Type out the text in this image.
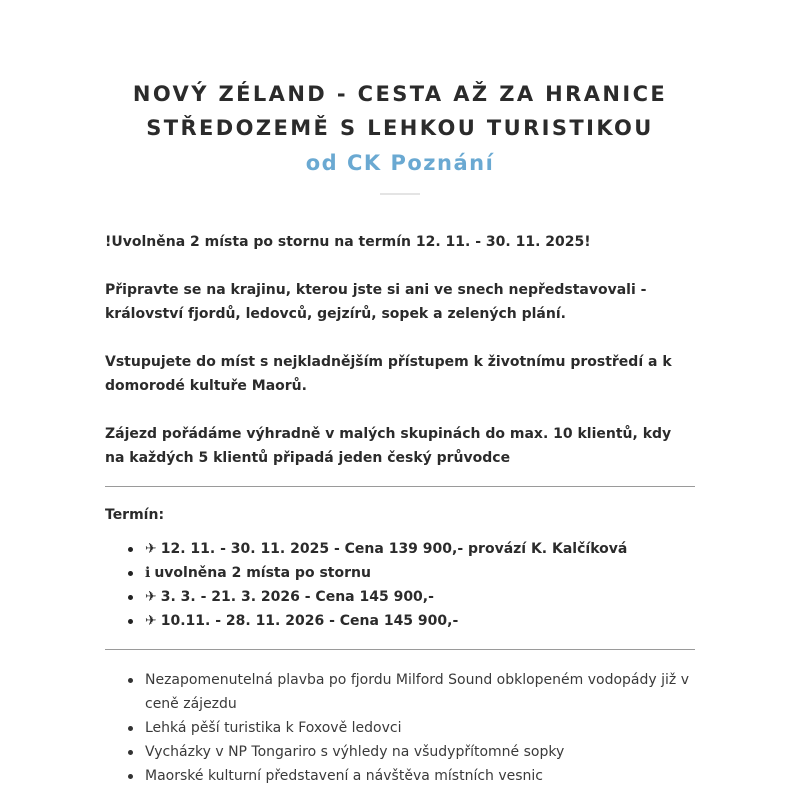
NOVÝ ZÉLAND - CESTA AŽ ZA HRANICE
STŘEDOZEMĚ S LEHKOU TURISTIKOU

od CK Poznání

!Uvolněna 2 místa po stornu na termín 12. 11. - 30. 11. 2025!

Připravte se na krajinu, kterou jste si ani ve snech nepředstavovali - království fjordů, ledovců, gejzírů, sopek a zelených plání.

Vstupujete do míst s nejkladnějším přístupem k životnímu prostředí a k domorodé kultuře Maorů.

Zájezd pořádáme výhradně v malých skupinách do max. 10 klientů, kdy na každých 5 klientů připadá jeden český průvodce

Termín:

✈ 12. 11. - 30. 11. 2025 - Cena 139 900,- provází K. Kalčíková
ℹ uvolněna 2 místa po stornu
✈ 3. 3. - 21. 3. 2026 - Cena 145 900,-
✈ 10.11. - 28. 11. 2026 - Cena 145 900,-
Nezapomenutelná plavba po fjordu Milford Sound obklopeném vodopády již v ceně zájezdu
Lehká pěší turistika k Foxově ledovci
Vycházky v NP Tongariro s výhledy na všudypřítomné sopky
Maorské kulturní představení a návštěva místních vesnic
